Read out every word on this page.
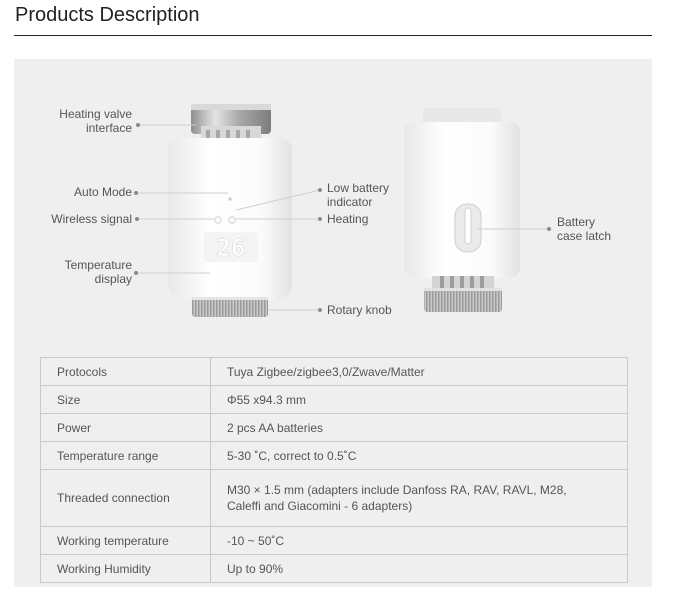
Products Description
26
Heating valve
interface
Auto Mode
Wireless signal
Temperature
display
Low battery
indicator
Heating
Rotary knob
Battery
case latch
Protocols	Tuya Zigbee/zigbee3,0/Zwave/Matter
Size	Φ55 x94.3 mm
Power	2 pcs AA batteries
Temperature range	5-30 ˚C, correct to 0.5˚C
Threaded connection	M30 × 1.5 mm (adapters include Danfoss RA, RAV, RAVL, M28,
Caleffi and Giacomini - 6 adapters)

Working temperature	-10 ~ 50˚C
Working Humidity	Up to 90%
